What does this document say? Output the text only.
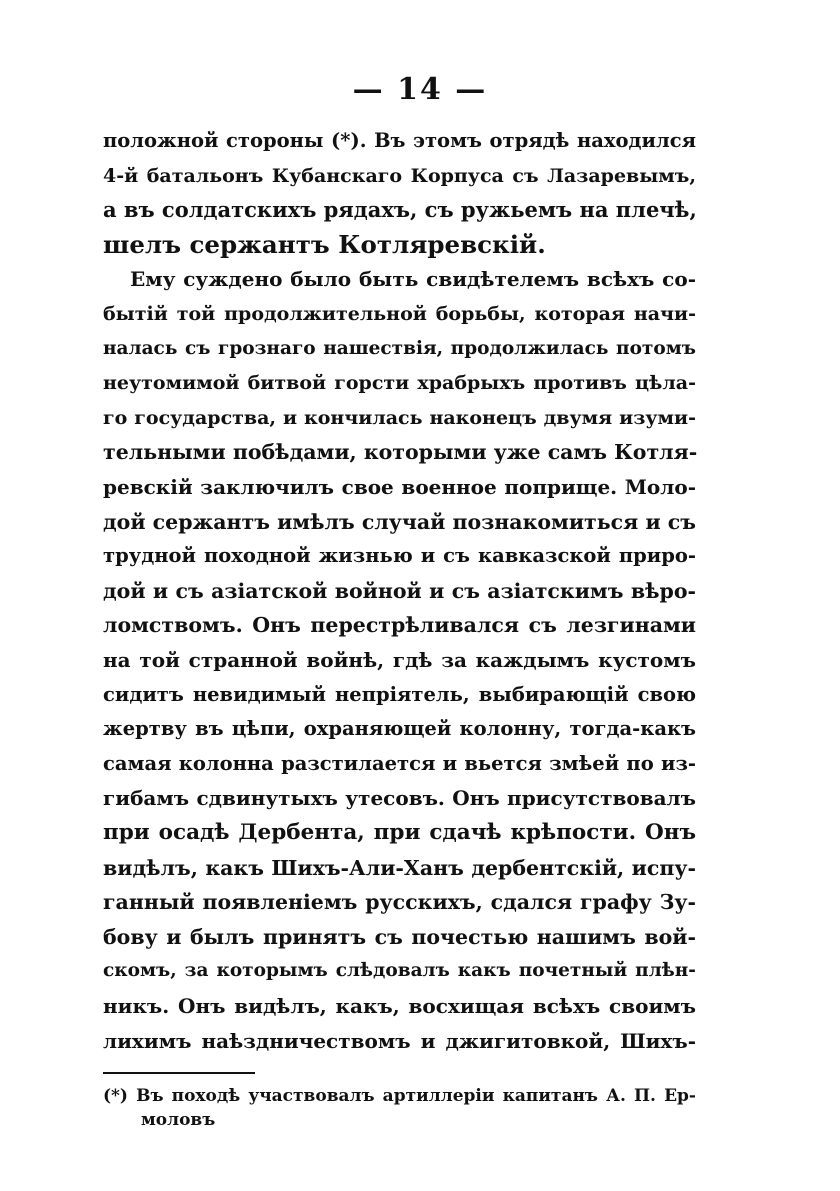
— 14 —
положной стороны (*). Въ этомъ отрядѣ находился
4-й батальонъ Кубанскаго Корпуса съ Лазаревымъ,
а въ солдатскихъ рядахъ, съ ружьемъ на плечѣ,
шелъ сержантъ Котляревскій.
Ему суждено было быть свидѣтелемъ всѣхъ со-
бытій той продолжительной борьбы, которая начи-
налась съ грознаго нашествія, продолжилась потомъ
неутомимой битвой горсти храбрыхъ противъ цѣла-
го государства, и кончилась наконецъ двумя изуми-
тельными побѣдами, которыми уже самъ Котля-
ревскій заключилъ свое военное поприще. Моло-
дой сержантъ имѣлъ случай познакомиться и съ
трудной походной жизнью и съ кавказской приро-
дой и съ азіатской войной и съ азіатскимъ вѣро-
ломствомъ. Онъ перестрѣливался съ лезгинами
на той странной войнѣ, гдѣ за каждымъ кустомъ
сидитъ невидимый непріятель, выбирающій свою
жертву въ цѣпи, охраняющей колонну, тогда-какъ
самая колонна разстилается и вьется змѣей по из-
гибамъ сдвинутыхъ утесовъ. Онъ присутствовалъ
при осадѣ Дербента, при сдачѣ крѣпости. Онъ
видѣлъ, какъ Шихъ-Али-Ханъ дербентскій, испу-
ганный появленіемъ русскихъ, сдался графу Зу-
бову и былъ принятъ съ почестью нашимъ вой-
скомъ, за которымъ слѣдовалъ какъ почетный плѣн-
никъ. Онъ видѣлъ, какъ, восхищая всѣхъ своимъ
лихимъ наѣздничествомъ и джигитовкой, Шихъ-
(*) Въ походѣ участвовалъ артиллеріи капитанъ А. П. Ер-
моловъ
